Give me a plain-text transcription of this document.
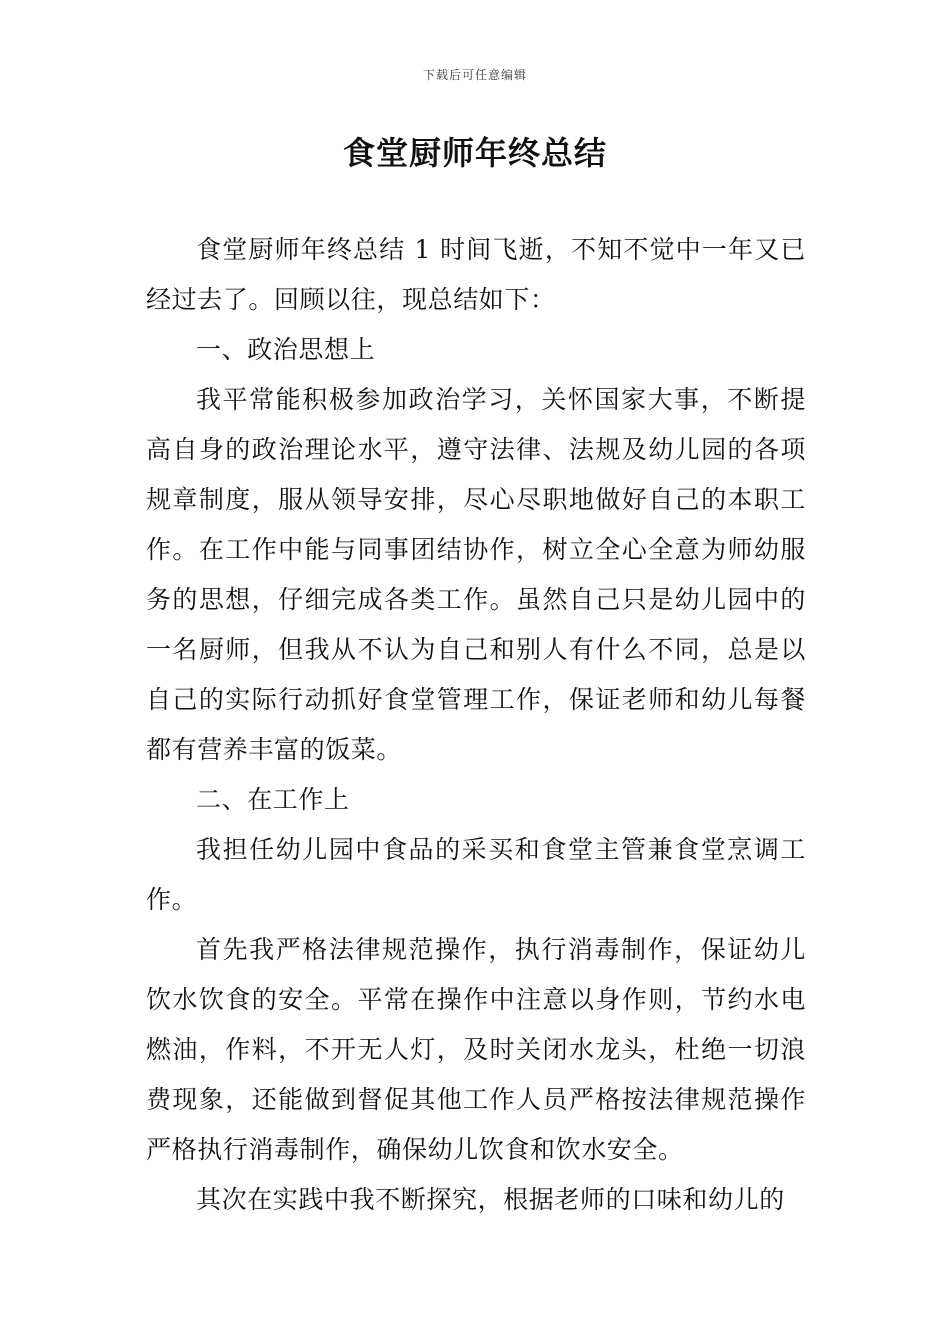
下载后可任意编辑
食堂厨师年终总结

食堂厨师年终总结 1 时间飞逝，不知不觉中一年又已经过去了。回顾以往，现总结如下：

一、政治思想上

我平常能积极参加政治学习，关怀国家大事，不断提高自身的政治理论水平，遵守法律、法规及幼儿园的各项规章制度，服从领导安排，尽心尽职地做好自己的本职工作。在工作中能与同事团结协作，树立全心全意为师幼服务的思想，仔细完成各类工作。虽然自己只是幼儿园中的一名厨师，但我从不认为自己和别人有什么不同，总是以自己的实际行动抓好食堂管理工作，保证老师和幼儿每餐都有营养丰富的饭菜。

二、在工作上

我担任幼儿园中食品的采买和食堂主管兼食堂烹调工作。

首先我严格法律规范操作，执行消毒制作，保证幼儿饮水饮食的安全。平常在操作中注意以身作则，节约水电燃油，作料，不开无人灯，及时关闭水龙头，杜绝一切浪费现象，还能做到督促其他工作人员严格按法律规范操作严格执行消毒制作，确保幼儿饮食和饮水安全。

其次在实践中我不断探究，根据老师的口味和幼儿的
